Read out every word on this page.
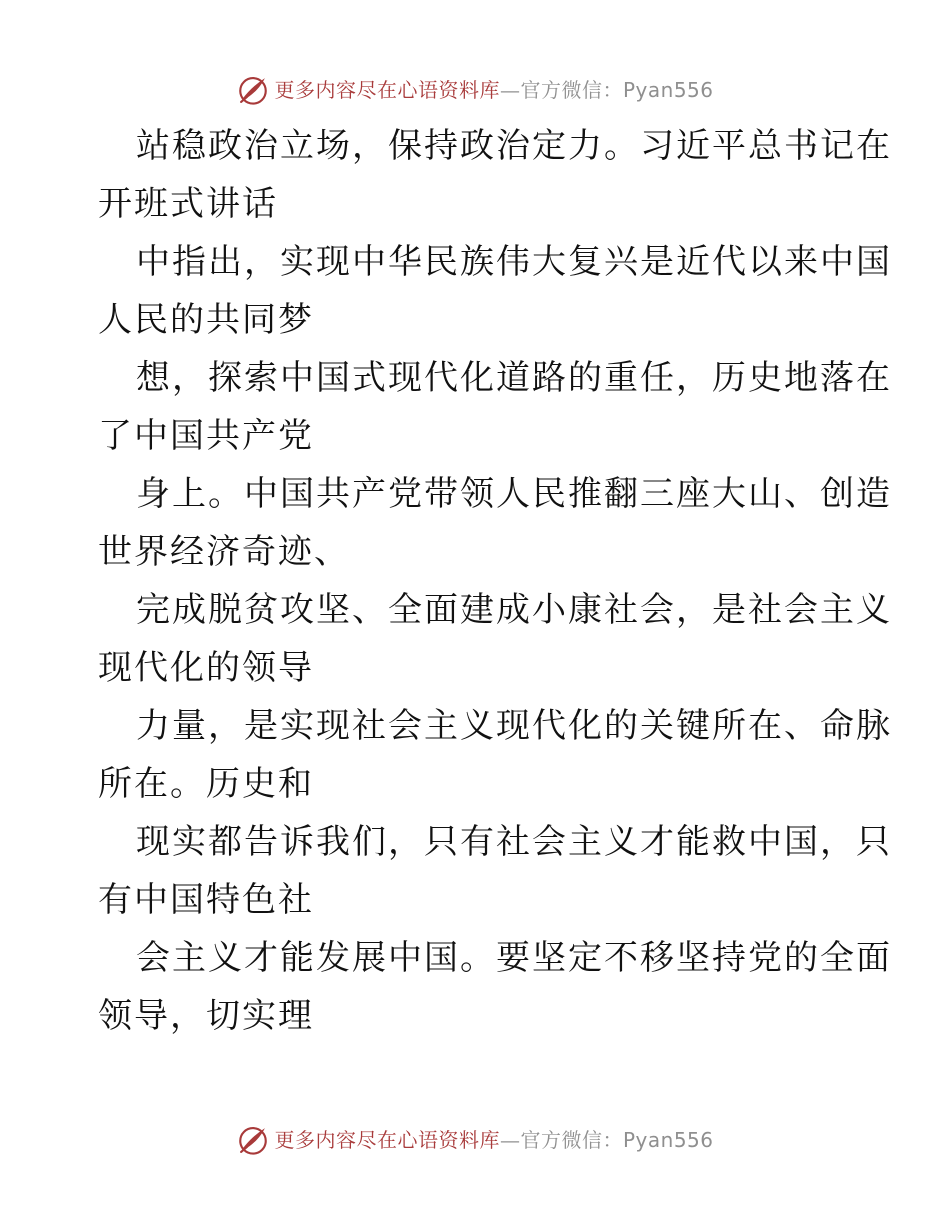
更多内容尽在心语资料库 — 官方微信： Pyan556
站稳政治立场，保持政治定力。习近平总书记在
开班式讲话
中指出，实现中华民族伟大复兴是近代以来中国
人民的共同梦
想，探索中国式现代化道路的重任，历史地落在
了中国共产党
身上。中国共产党带领人民推翻三座大山、创造
世界经济奇迹、
完成脱贫攻坚、全面建成小康社会，是社会主义
现代化的领导
力量，是实现社会主义现代化的关键所在、命脉
所在。历史和
现实都告诉我们，只有社会主义才能救中国，只
有中国特色社
会主义才能发展中国。要坚定不移坚持党的全面
领导，切实理
更多内容尽在心语资料库 — 官方微信： Pyan556
